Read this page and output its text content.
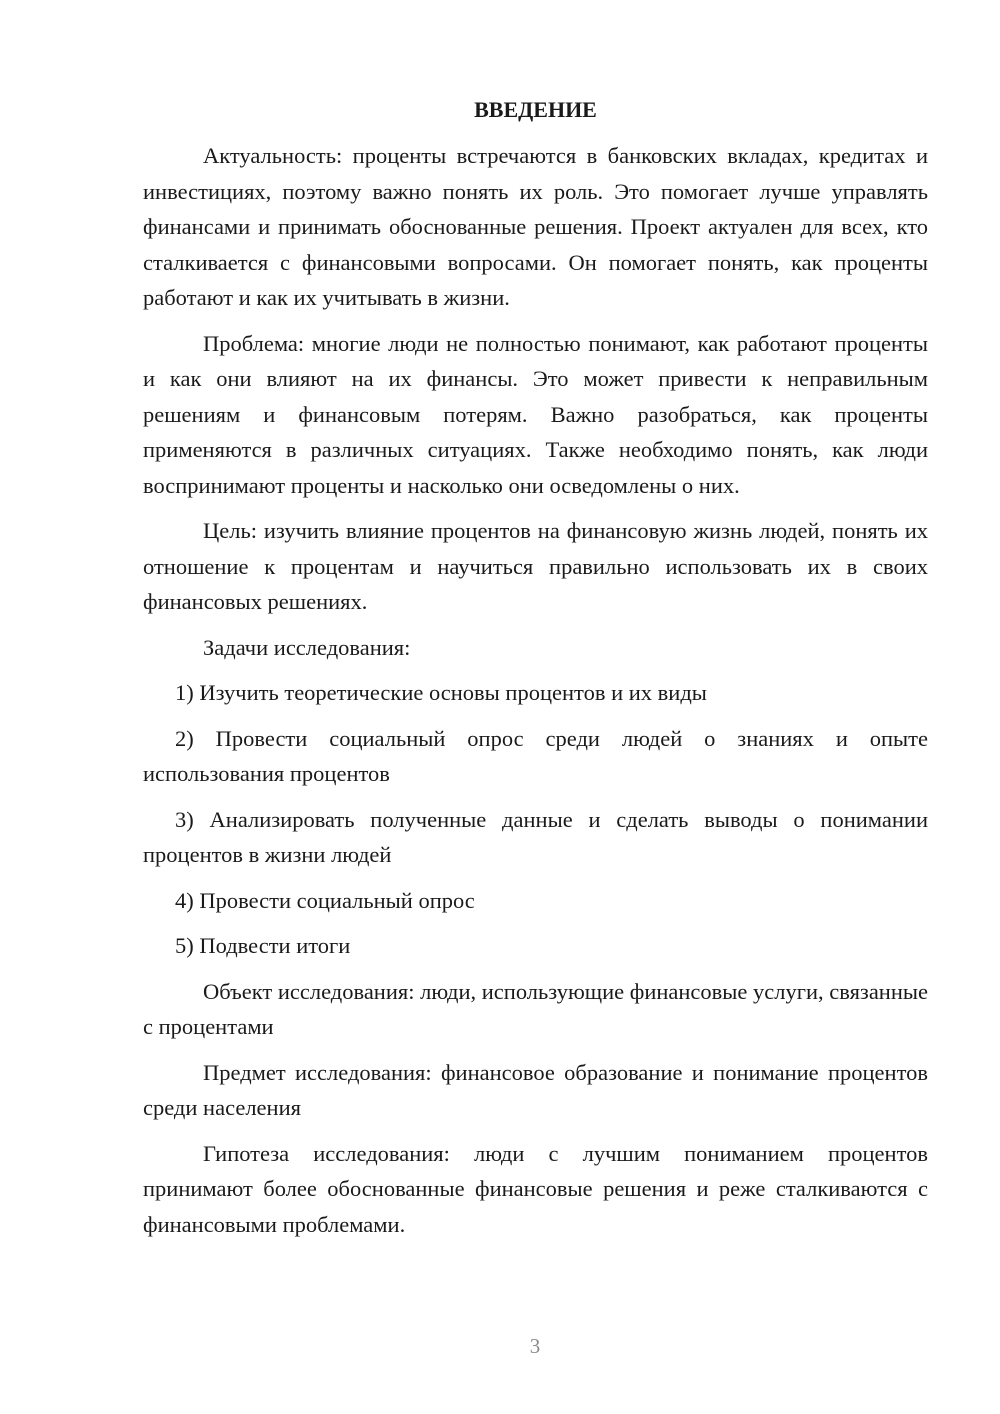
ВВЕДЕНИЕ

Актуальность: проценты встречаются в банковских вкладах, кредитах и инвестициях, поэтому важно понять их роль. Это помогает лучше управлять финансами и принимать обоснованные решения. Проект актуален для всех, кто сталкивается с финансовыми вопросами. Он помогает понять, как проценты работают и как их учитывать в жизни.

Проблема: многие люди не полностью понимают, как работают проценты и как они влияют на их финансы. Это может привести к неправильным решениям и финансовым потерям. Важно разобраться, как проценты применяются в различных ситуациях. Также необходимо понять, как люди воспринимают проценты и насколько они осведомлены о них.

Цель: изучить влияние процентов на финансовую жизнь людей, понять их отношение к процентам и научиться правильно использовать их в своих финансовых решениях.

Задачи исследования:

1) Изучить теоретические основы процентов и их виды

2) Провести социальный опрос среди людей о знаниях и опыте использования процентов

3) Анализировать полученные данные и сделать выводы о понимании процентов в жизни людей

4) Провести социальный опрос

5) Подвести итоги

Объект исследования: люди, использующие финансовые услуги, связанные с процентами

Предмет исследования: финансовое образование и понимание процентов среди населения

Гипотеза исследования: люди с лучшим пониманием процентов принимают более обоснованные финансовые решения и реже сталкиваются с финансовыми проблемами.

3
